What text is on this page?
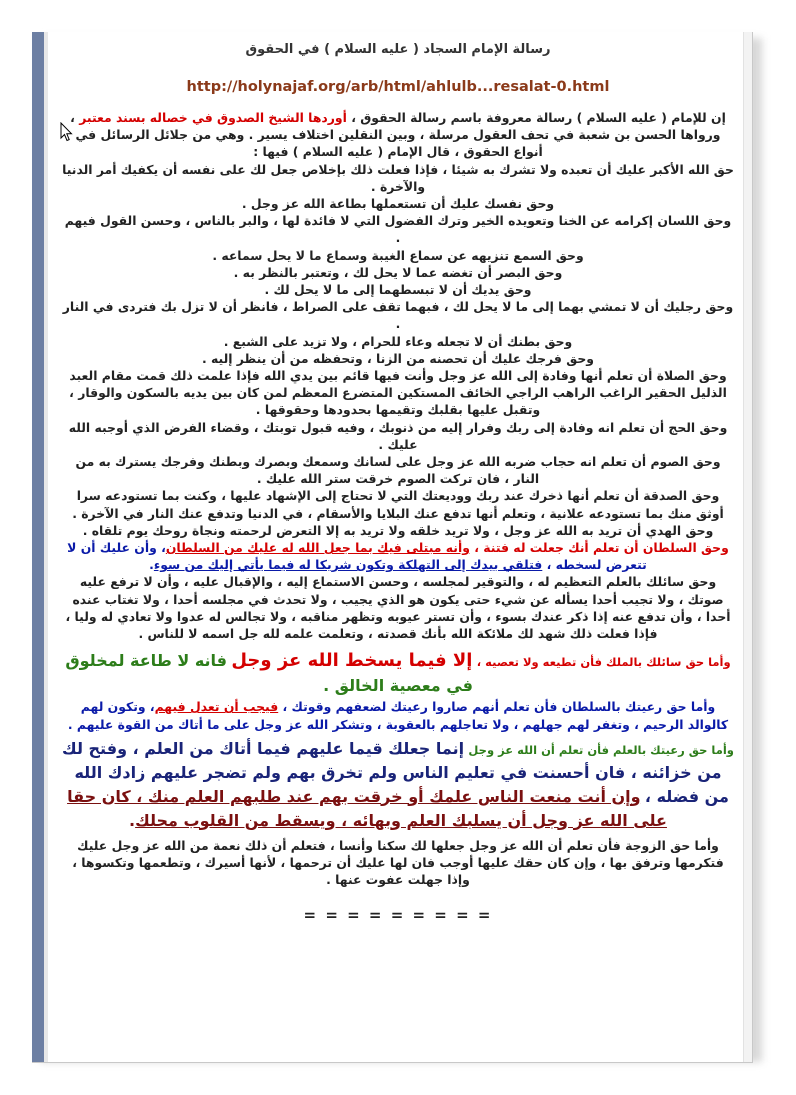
رسالة الإمام السجاد ( عليه السلام ) في الحقوق
http://holynajaf.org/arb/html/ahlulb...resalat-0.html

إن للإمام ( عليه السلام ) رسالة معروفة باسم رسالة الحقوق ، أوردها الشيخ الصدوق في خصاله بسند معتبر ، ورواها الحسن بن شعبة في تحف العقول مرسلة ، وبين النقلين اختلاف يسير . وهي من جلائل الرسائل في أنواع الحقوق ، قال الإمام ( عليه السلام ) فيها :

حق الله الأكبر عليك أن تعبده ولا تشرك به شيئا ، فإذا فعلت ذلك بإخلاص جعل لك على نفسه أن يكفيك أمر الدنيا والآخرة .

وحق نفسك عليك أن تستعملها بطاعة الله عز وجل .

وحق اللسان إكرامه عن الخنا وتعويده الخير وترك الفضول التي لا فائدة لها ، والبر بالناس ، وحسن القول فيهم .

وحق السمع تنزيهه عن سماع الغيبة وسماع ما لا يحل سماعه .

وحق البصر أن تغضه عما لا يحل لك ، وتعتبر بالنظر به .

وحق يديك أن لا تبسطهما إلى ما لا يحل لك .

وحق رجليك أن لا تمشي بهما إلى ما لا يحل لك ، فبهما تقف على الصراط ، فانظر أن لا تزل بك فتردى في النار .

وحق بطنك أن لا تجعله وعاء للحرام ، ولا تزيد على الشبع .

وحق فرجك عليك أن تحصنه من الزنا ، وتحفظه من أن ينظر إليه .

وحق الصلاة أن تعلم أنها وفادة إلى الله عز وجل وأنت فيها قائم بين يدي الله فإذا علمت ذلك قمت مقام العبد الذليل الحقير الراغب الراهب الراجي الخائف المستكين المتضرع المعظم لمن كان بين يديه بالسكون والوقار ، وتقبل عليها بقلبك وتقيمها بحدودها وحقوقها .

وحق الحج أن تعلم انه وفادة إلى ربك وفرار إليه من ذنوبك ، وفيه قبول توبتك ، وقضاء الفرض الذي أوجبه الله عليك .

وحق الصوم أن تعلم انه حجاب ضربه الله عز وجل على لسانك وسمعك وبصرك وبطنك وفرجك يسترك به من النار ، فان تركت الصوم خرقت ستر الله عليك .

وحق الصدقة أن تعلم أنها ذخرك عند ربك ووديعتك التي لا تحتاج إلى الإشهاد عليها ، وكنت بما تستودعه سرا أوثق منك بما تستودعه علانية ، وتعلم أنها تدفع عنك البلايا والأسقام ، في الدنيا وتدفع عنك النار في الآخرة .

وحق الهدي أن تريد به الله عز وجل ، ولا تريد خلقه ولا تريد به إلا التعرض لرحمته ونجاة روحك يوم تلقاه .

وحق السلطان أن تعلم أنك جعلت له فتنة ، وأنه مبتلى فيك بما جعل الله له عليك من السلطان، وأن عليك أن لا تتعرض لسخطه ، فتلقي بيدك إلى التهلكة وتكون شريكا له فيما يأتي إليك من سوء.

وحق سائلك بالعلم التعظيم له ، والتوقير لمجلسه ، وحسن الاستماع إليه ، والإقبال عليه ، وأن لا ترفع عليه صوتك ، ولا تجيب أحدا يسأله عن شيء حتى يكون هو الذي يجيب ، ولا تحدث في مجلسه أحدا ، ولا تغتاب عنده أحدا ، وأن تدفع عنه إذا ذكر عندك بسوء ، وأن تستر عيوبه وتظهر مناقبه ، ولا تجالس له عدوا ولا تعادي له وليا ، فإذا فعلت ذلك شهد لك ملائكة الله بأنك قصدته ، وتعلمت علمه لله جل اسمه لا للناس .

وأما حق سائلك بالملك فأن تطيعه ولا تعصيه ، إلا فيما يسخط الله عز وجل فانه لا طاعة لمخلوق في معصية الخالق .

وأما حق رعيتك بالسلطان فأن تعلم أنهم صاروا رعيتك لضعفهم وقوتك ، فيجب أن تعدل فيهم، وتكون لهم كالوالد الرحيم ، وتغفر لهم جهلهم ، ولا تعاجلهم بالعقوبة ، وتشكر الله عز وجل على ما أتاك من القوة عليهم .

وأما حق رعيتك بالعلم فأن تعلم أن الله عز وجل إنما جعلك قيما عليهم فيما أتاك من العلم ، وفتح لك من خزائنه ، فان أحسنت في تعليم الناس ولم تخرق بهم ولم تضجر عليهم زادك الله من فضله ، وإن أنت منعت الناس علمك أو خرقت بهم عند طلبهم العلم منك ، كان حقا على الله عز وجل أن يسلبك العلم وبهائه ، ويسقط من القلوب محلك.

وأما حق الزوجة فأن تعلم أن الله عز وجل جعلها لك سكنا وأنسا ، فتعلم أن ذلك نعمة من الله عز وجل عليك فتكرمها وترفق بها ، وإن كان حقك عليها أوجب فان لها عليك أن ترحمها ، لأنها أسيرك ، وتطعمها وتكسوها ، وإذا جهلت عفوت عنها .

= = = = = = = = =
